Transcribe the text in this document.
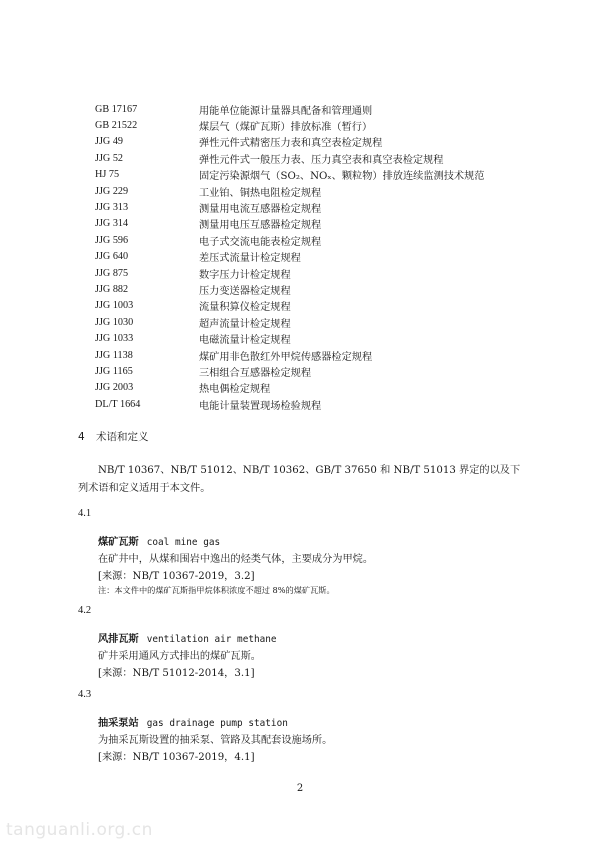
GB 17167	用能单位能源计量器具配备和管理通则
GB 21522	煤层气（煤矿瓦斯）排放标准（暂行）
JJG 49	弹性元件式精密压力表和真空表检定规程
JJG 52	弹性元件式一般压力表、压力真空表和真空表检定规程
HJ 75	固定污染源烟气（SO₂、NOₓ、颗粒物）排放连续监测技术规范
JJG 229	工业铂、铜热电阻检定规程
JJG 313	测量用电流互感器检定规程
JJG 314	测量用电压互感器检定规程
JJG 596	电子式交流电能表检定规程
JJG 640	差压式流量计检定规程
JJG 875	数字压力计检定规程
JJG 882	压力变送器检定规程
JJG 1003	流量积算仪检定规程
JJG 1030	超声流量计检定规程
JJG 1033	电磁流量计检定规程
JJG 1138	煤矿用非色散红外甲烷传感器检定规程
JJG 1165	三相组合互感器检定规程
JJG 2003	热电偶检定规程
DL/T 1664	电能计量装置现场检验规程
4 术语和定义
NB/T 10367、NB/T 51012、NB/T 10362、GB/T 37650 和 NB/T 51013 界定的以及下列术语和定义适用于本文件。
4.1
煤矿瓦斯 coal mine gas
在矿井中，从煤和围岩中逸出的烃类气体，主要成分为甲烷。
[来源：NB/T 10367-2019，3.2]
注：本文件中的煤矿瓦斯指甲烷体积浓度不超过 8%的煤矿瓦斯。
4.2
风排瓦斯 ventilation air methane
矿井采用通风方式排出的煤矿瓦斯。
[来源：NB/T 51012-2014，3.1]
4.3
抽采泵站 gas drainage pump station
为抽采瓦斯设置的抽采泵、管路及其配套设施场所。
[来源：NB/T 10367-2019，4.1]
2
tanguanli.org.cn
